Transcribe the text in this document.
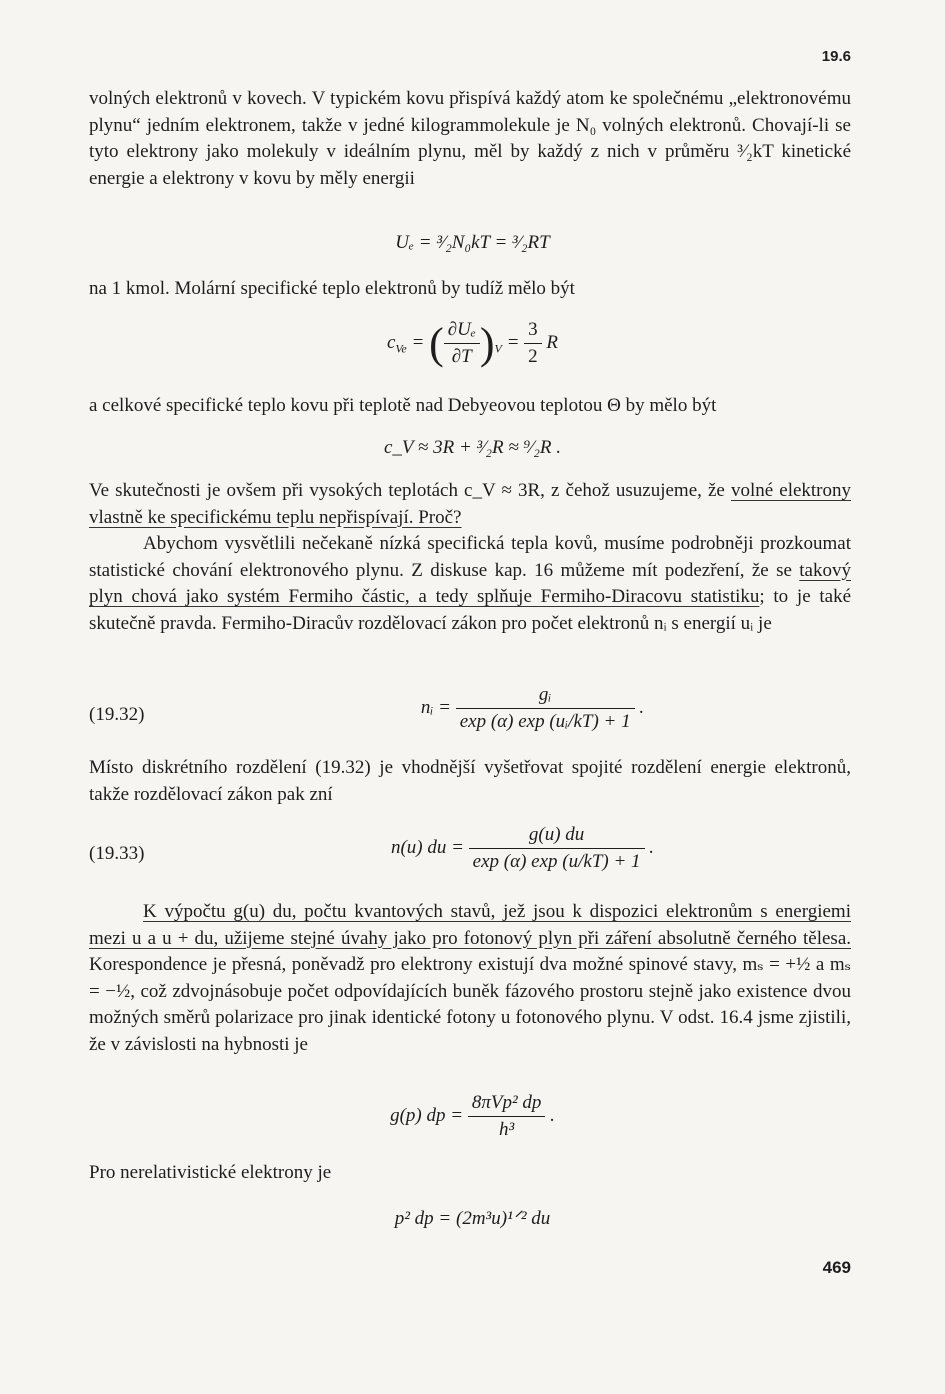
19.6

volných elektronů v kovech. V typickém kovu přispívá každý atom ke společnému „elektronovému plynu“ jedním elektronem, takže v jedné kilogrammolekule je N₀ volných elektronů. Chovají-li se tyto elektrony jako molekuly v ideálním plynu, měl by každý z nich v průměru ³⁄₂kT kinetické energie a elektrony v kovu by měly energii

Uₑ = ³⁄₂N₀kT = ³⁄₂RT

na 1 kmol. Molární specifické teplo elektronů by tudíž mělo být

$c_{Ve}$ = ( $\frac{\text{∂Uₑ}}{\partial T} )_V = \frac{3}{2}$ R

a celkové specifické teplo kovu při teplotě nad Debyeovou teplotou Θ by mělo být

c_V ≈ 3R + ³⁄₂R ≈ ⁹⁄₂R .

Ve skutečnosti je ovšem při vysokých teplotách c_V ≈ 3R, z čehož usuzujeme, že volné elektrony vlastně ke specifickému teplu nepřispívají. Proč?

Abychom vysvětlili nečekaně nízká specifická tepla kovů, musíme podrobněji prozkoumat statistické chování elektronového plynu. Z diskuse kap. 16 můžeme mít podezření, že se takový plyn chová jako systém Fermiho částic, a tedy splňuje Fermiho-Diracovu statistiku; to je také skutečně pravda. Fermiho-Diracův rozdělovací zákon pro počet elektronů nᵢ s energií uᵢ je

(19.32)	nᵢ = $\frac{\text{gᵢ}}{\text{exp (α) exp (uᵢ/kT) + 1}}$ .

Místo diskrétního rozdělení (19.32) je vhodnější vyšetřovat spojité rozdělení energie elektronů, takže rozdělovací zákon pak zní

(19.33)	n(u) du = $\frac{g(u) du}{\exp (\alpha) \exp (u/kT) + 1}$ .

K výpočtu g(u) du, počtu kvantových stavů, jež jsou k dispozici elektronům s energiemi mezi u a u + du, užijeme stejné úvahy jako pro fotonový plyn při záření absolutně černého tělesa. Korespondence je přesná, poněvadž pro elektrony existují dva možné spinové stavy, mₛ = +½ a mₛ = −½, což zdvojnásobuje počet odpovídajících buněk fázového prostoru stejně jako existence dvou možných směrů polarizace pro jinak identické fotony u fotonového plynu. V odst. 16.4 jsme zjistili, že v závislosti na hybnosti je

g(p) dp = $\frac{\text{8πVp² dp}}{\text{h³}}$ .

Pro nerelativistické elektrony je

p² dp = (2m³u)¹ᐟ² du
469
